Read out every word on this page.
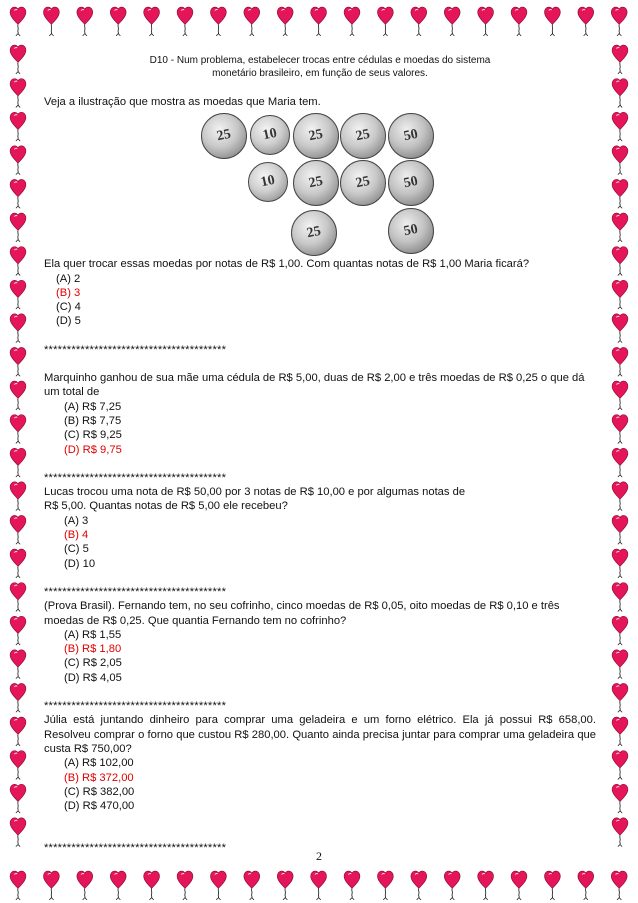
D10 - Num problema, estabelecer trocas entre cédulas e moedas do sistema
monetário brasileiro, em função de seus valores.

Veja a ilustração que mostra as moedas que Maria tem.

25 10 25 25 50
10 25 25 50
25	50

Ela quer trocar essas moedas por notas de R$ 1,00. Com quantas notas de R$ 1,00 Maria ficará?

(A) 2

(B) 3

(C) 4

(D) 5

****************************************

Marquinho ganhou de sua mãe uma cédula de R$ 5,00, duas de R$ 2,00 e três moedas de R$ 0,25 o que dá um total de

(A) R$ 7,25

(B) R$ 7,75

(C) R$ 9,25

(D) R$ 9,75

****************************************

Lucas trocou uma nota de R$ 50,00 por 3 notas de R$ 10,00 e por algumas notas de

R$ 5,00. Quantas notas de R$ 5,00 ele recebeu?

(A) 3

(B) 4

(C) 5

(D) 10

****************************************

(Prova Brasil). Fernando tem, no seu cofrinho, cinco moedas de R$ 0,05, oito moedas de R$ 0,10 e três moedas de R$ 0,25. Que quantia Fernando tem no cofrinho?

(A) R$ 1,55

(B) R$ 1,80

(C) R$ 2,05

(D) R$ 4,05

****************************************

Júlia está juntando dinheiro para comprar uma geladeira e um forno elétrico. Ela já possui R$ 658,00. Resolveu comprar o forno que custou R$ 280,00. Quanto ainda precisa juntar para comprar uma geladeira que custa R$ 750,00?

(A) R$ 102,00

(B) R$ 372,00

(C) R$ 382,00

(D) R$ 470,00

****************************************

2
